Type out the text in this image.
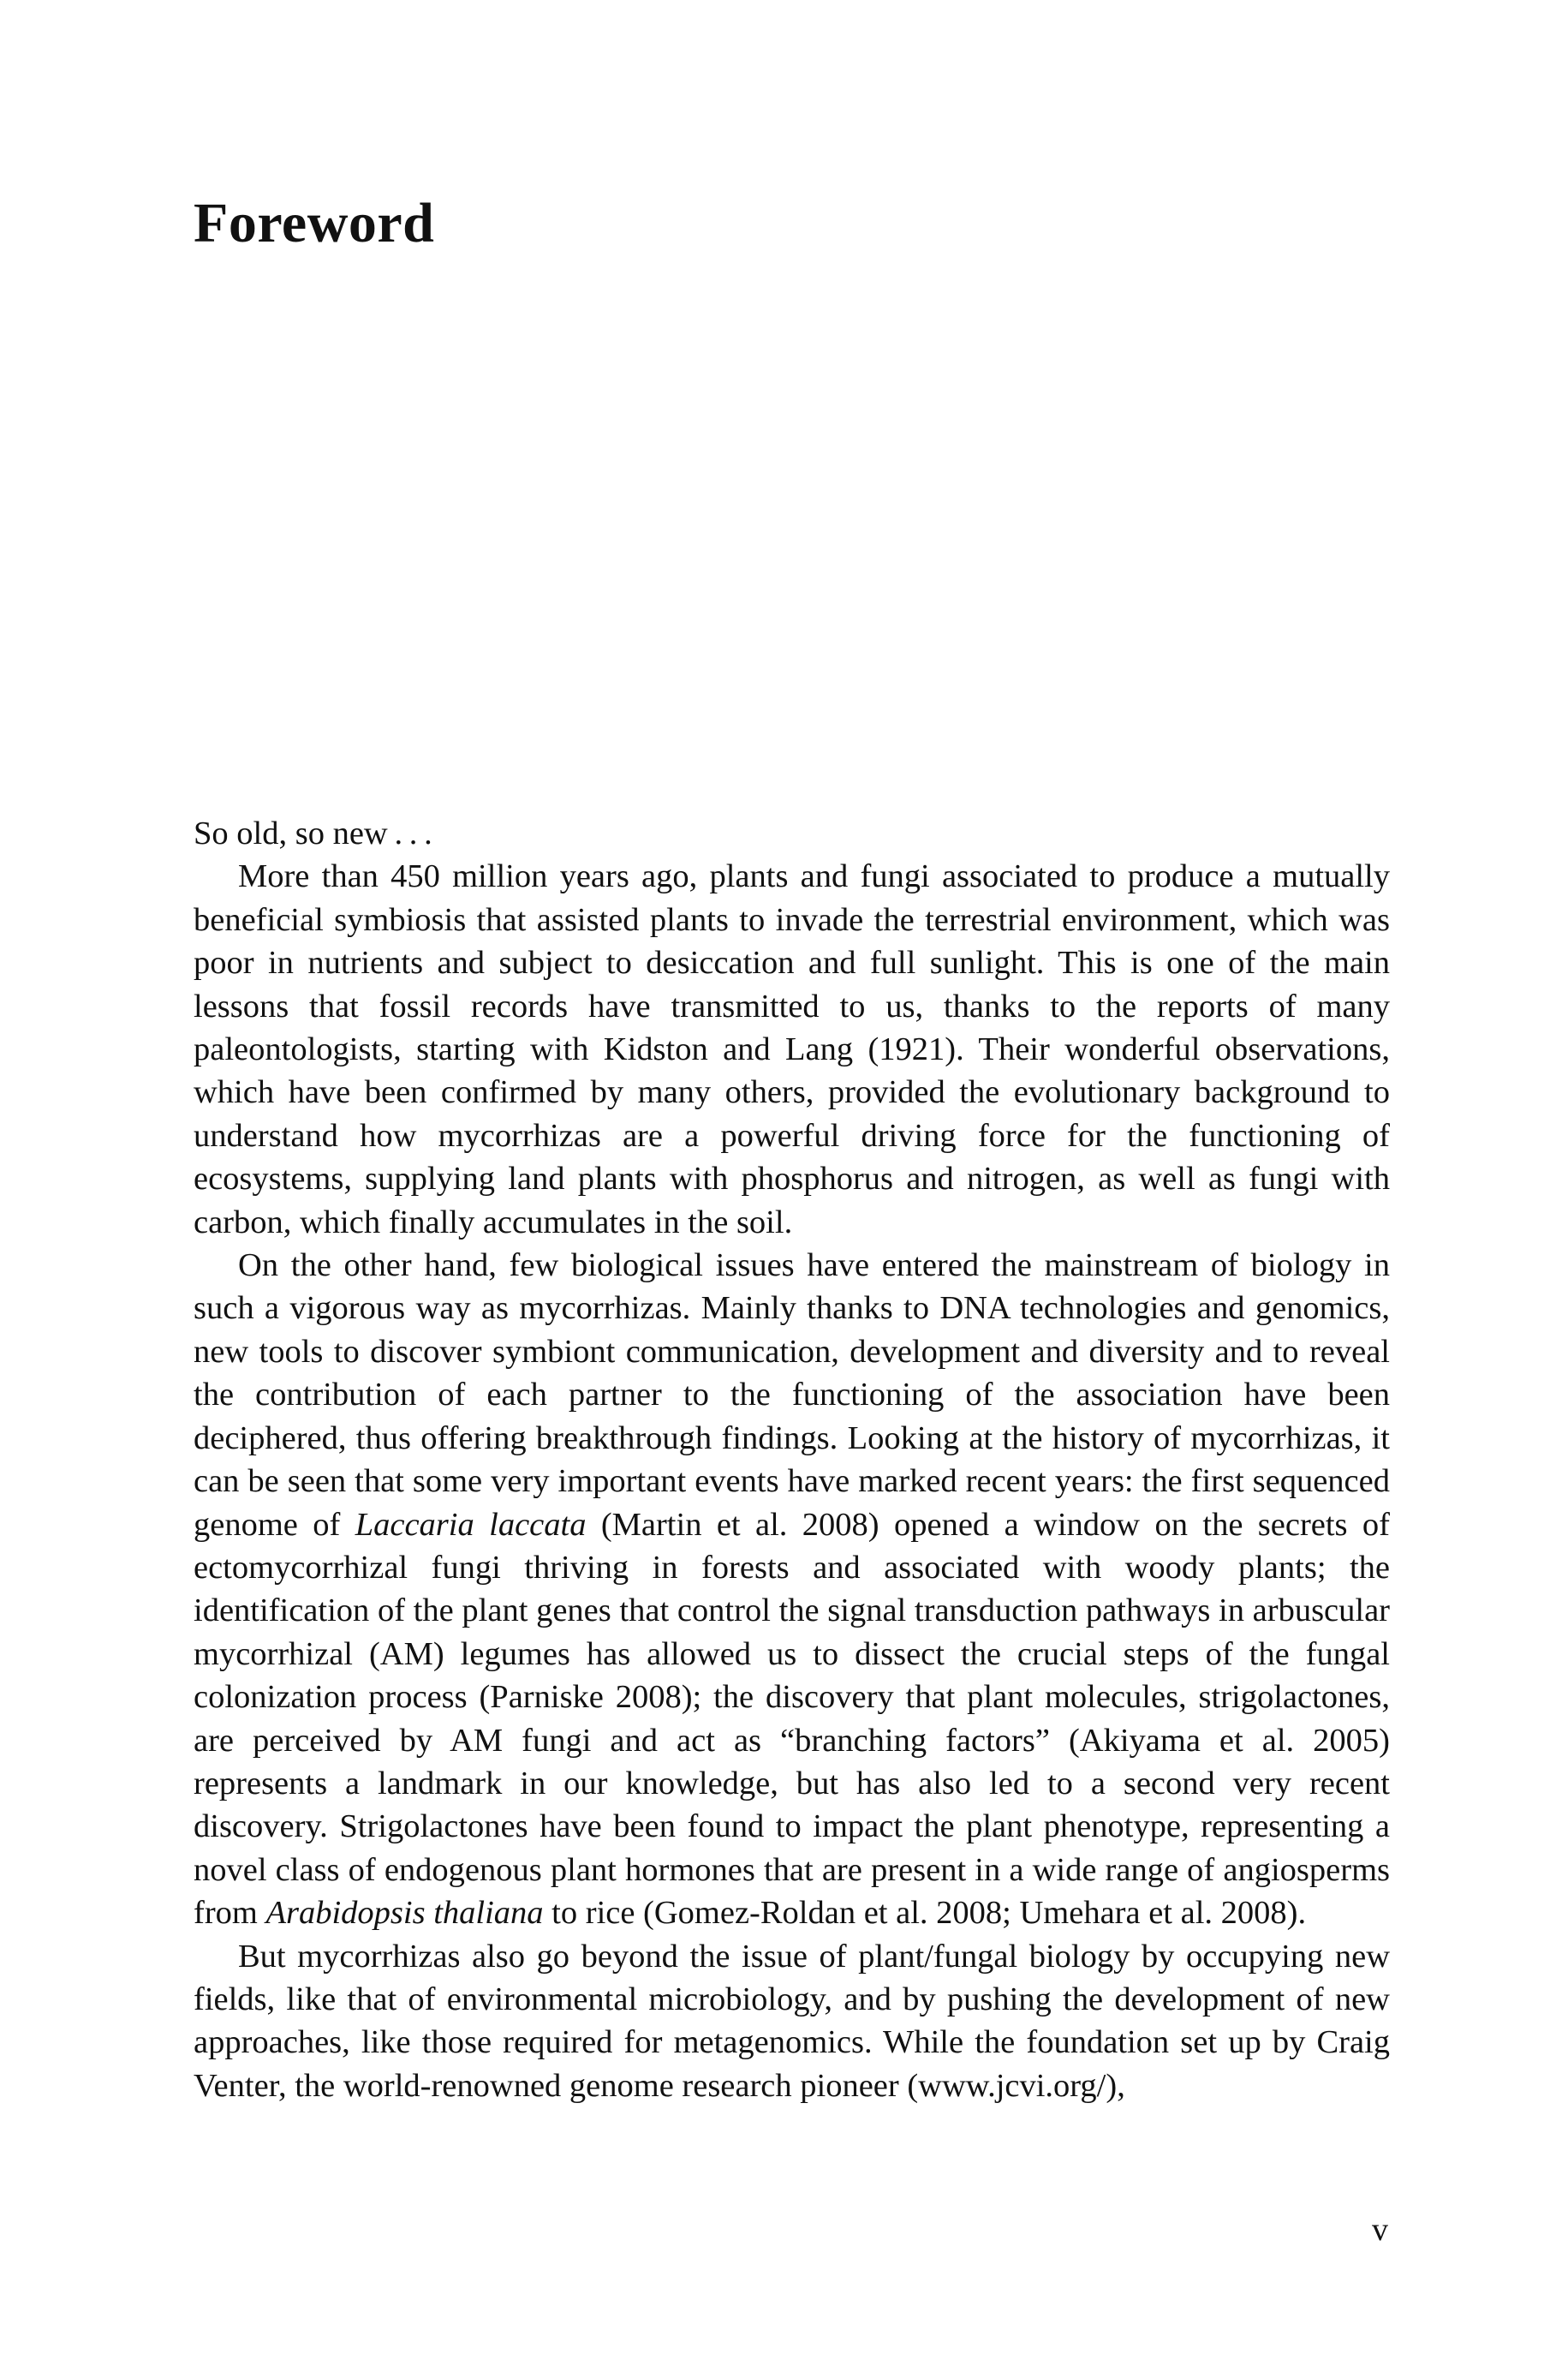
Foreword

So old, so new . . .

More than 450 million years ago, plants and fungi associated to produce a mutually beneficial symbiosis that assisted plants to invade the terrestrial environment, which was poor in nutrients and subject to desiccation and full sunlight. This is one of the main lessons that fossil records have transmitted to us, thanks to the reports of many paleontologists, starting with Kidston and Lang (1921). Their wonderful observations, which have been confirmed by many others, provided the evolutionary background to understand how mycorrhizas are a powerful driving force for the functioning of ecosystems, supplying land plants with phosphorus and nitrogen, as well as fungi with carbon, which finally accumulates in the soil.

On the other hand, few biological issues have entered the mainstream of biology in such a vigorous way as mycorrhizas. Mainly thanks to DNA technologies and genomics, new tools to discover symbiont communication, development and diversity and to reveal the contribution of each partner to the functioning of the association have been deciphered, thus offering breakthrough findings. Looking at the history of mycorrhizas, it can be seen that some very important events have marked recent years: the first sequenced genome of Laccaria laccata (Martin et al. 2008) opened a window on the secrets of ectomycorrhizal fungi thriving in forests and associated with woody plants; the identification of the plant genes that control the signal transduction pathways in arbuscular mycorrhizal (AM) legumes has allowed us to dissect the crucial steps of the fungal colonization process (Parniske 2008); the discovery that plant molecules, strigolactones, are perceived by AM fungi and act as “branching factors” (Akiyama et al. 2005) represents a landmark in our knowledge, but has also led to a second very recent discovery. Strigolactones have been found to impact the plant phenotype, representing a novel class of endogenous plant hormones that are present in a wide range of angiosperms from Arabidopsis thaliana to rice (Gomez-Roldan et al. 2008; Umehara et al. 2008).

But mycorrhizas also go beyond the issue of plant/fungal biology by occupying new fields, like that of environmental microbiology, and by pushing the development of new approaches, like those required for metagenomics. While the foundation set up by Craig Venter, the world-renowned genome research pioneer (www.jcvi.org/),

v
